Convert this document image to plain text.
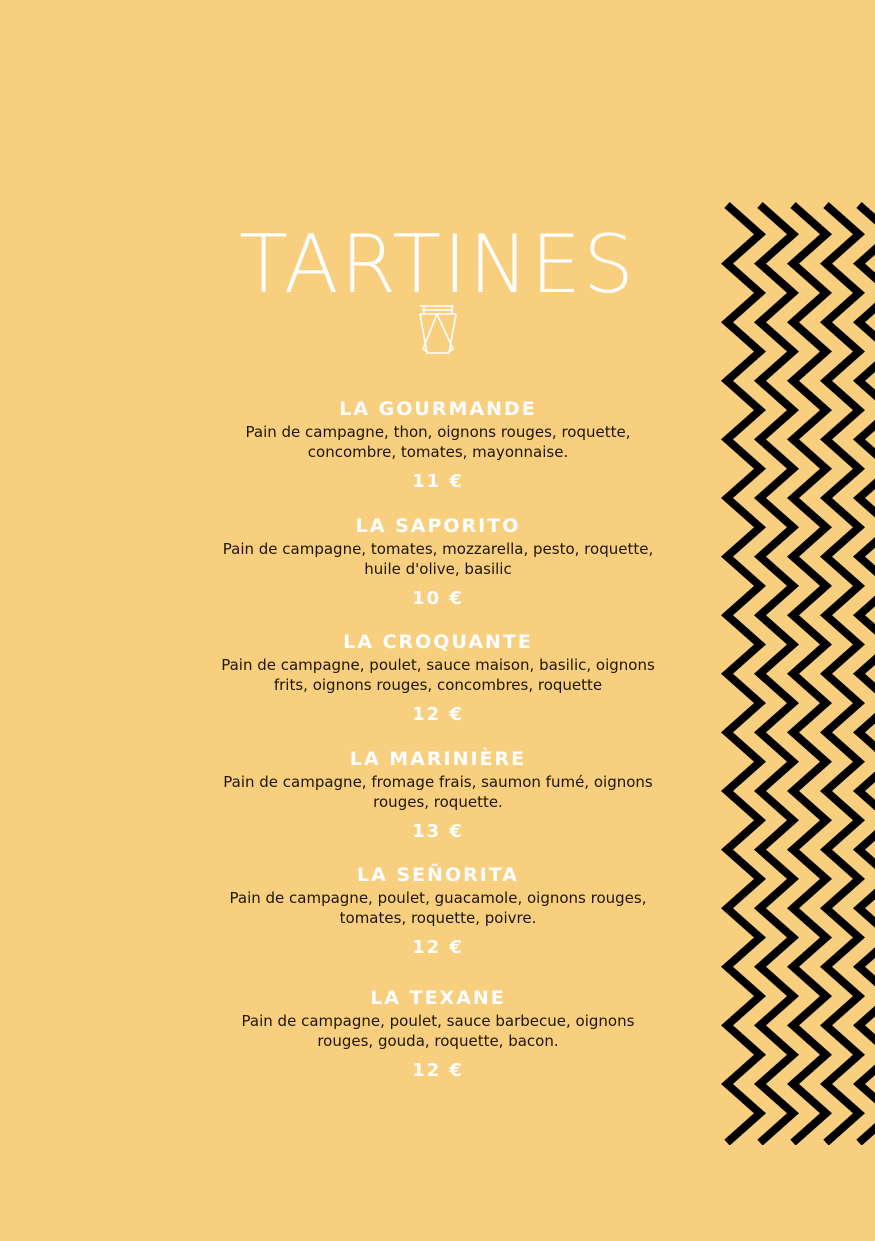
TARTINES
LA GOURMANDE
Pain de campagne, thon, oignons rouges, roquette,
concombre, tomates, mayonnaise.
11 €
LA SAPORITO
Pain de campagne, tomates, mozzarella, pesto, roquette,
huile d'olive, basilic
10 €
LA CROQUANTE
Pain de campagne, poulet, sauce maison, basilic, oignons
frits, oignons rouges, concombres, roquette
12 €
LA MARINIÈRE
Pain de campagne, fromage frais, saumon fumé, oignons
rouges, roquette.
13 €
LA SEÑORITA
Pain de campagne, poulet, guacamole, oignons rouges,
tomates, roquette, poivre.
12 €
LA TEXANE
Pain de campagne, poulet, sauce barbecue, oignons
rouges, gouda, roquette, bacon.
12 €
